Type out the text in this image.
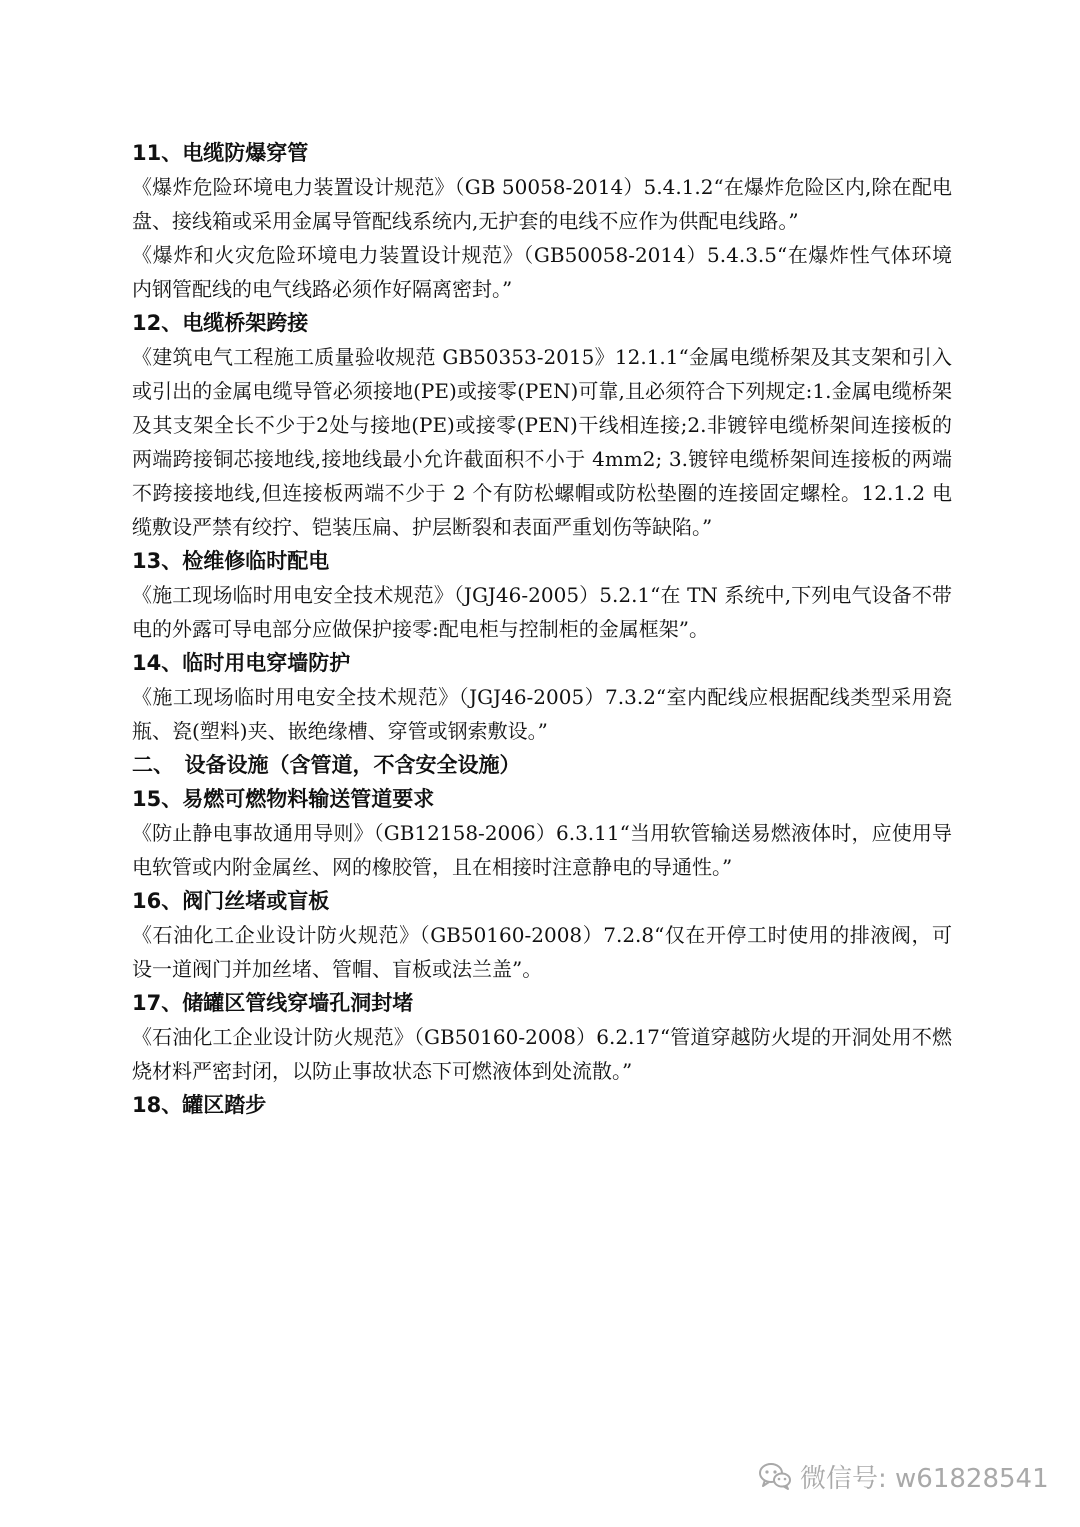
11、电缆防爆穿管

《爆炸危险环境电力装置设计规范》（GB 50058-2014）5.4.1.2“在爆炸危险区内,除在配电盘、接线箱或采用金属导管配线系统内,无护套的电线不应作为供配电线路。”

《爆炸和火灾危险环境电力装置设计规范》（GB50058-2014）5.4.3.5“在爆炸性气体环境内钢管配线的电气线路必须作好隔离密封。”

12、电缆桥架跨接

《建筑电气工程施工质量验收规范 GB50353-2015》12.1.1“金属电缆桥架及其支架和引入或引出的金属电缆导管必须接地(PE)或接零(PEN)可靠,且必须符合下列规定:1.金属电缆桥架及其支架全长不少于2处与接地(PE)或接零(PEN)干线相连接;2.非镀锌电缆桥架间连接板的两端跨接铜芯接地线,接地线最小允许截面积不小于 4mm2; 3.镀锌电缆桥架间连接板的两端不跨接接地线,但连接板两端不少于 2 个有防松螺帽或防松垫圈的连接固定螺栓。12.1.2 电缆敷设严禁有绞拧、铠装压扁、护层断裂和表面严重划伤等缺陷。”

13、检维修临时配电

《施工现场临时用电安全技术规范》（JGJ46-2005）5.2.1“在 TN 系统中,下列电气设备不带电的外露可导电部分应做保护接零:配电柜与控制柜的金属框架”。

14、临时用电穿墙防护

《施工现场临时用电安全技术规范》（JGJ46-2005）7.3.2“室内配线应根据配线类型采用瓷瓶、瓷(塑料)夹、嵌绝缘槽、穿管或钢索敷设。”

二、　设备设施（含管道，不含安全设施）

15、易燃可燃物料输送管道要求

《防止静电事故通用导则》（GB12158-2006）6.3.11“当用软管输送易燃液体时，应使用导电软管或内附金属丝、网的橡胶管，且在相接时注意静电的导通性。”

16、阀门丝堵或盲板

《石油化工企业设计防火规范》（GB50160-2008）7.2.8“仅在开停工时使用的排液阀，可设一道阀门并加丝堵、管帽、盲板或法兰盖”。

17、储罐区管线穿墙孔洞封堵

《石油化工企业设计防火规范》（GB50160-2008）6.2.17“管道穿越防火堤的开洞处用不燃烧材料严密封闭，以防止事故状态下可燃液体到处流散。”

18、罐区踏步

微信号: w61828541
